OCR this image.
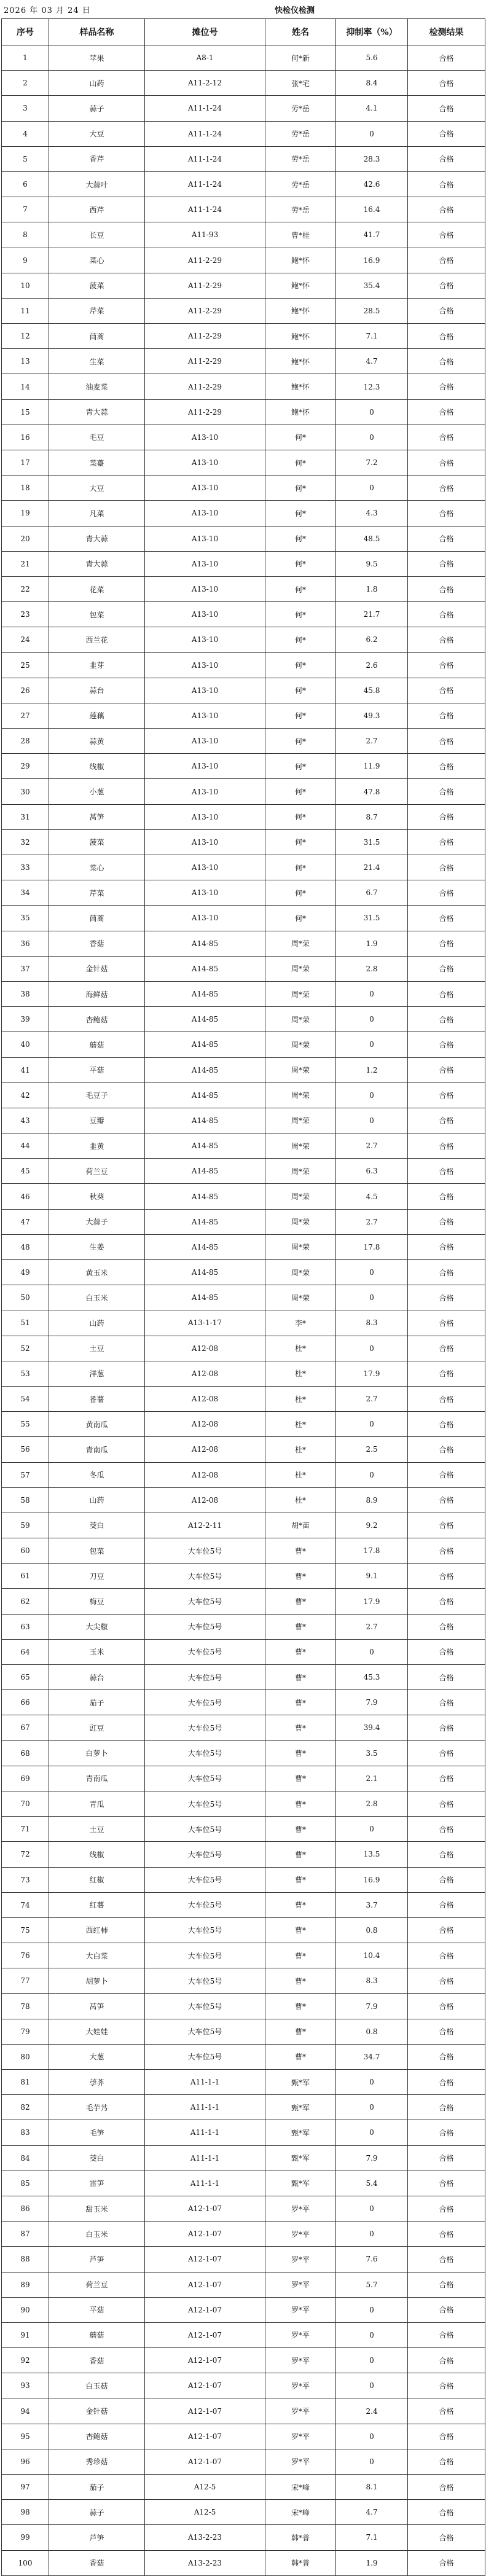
2026 年 03 月 24 日	快检仪检测
序号	样品名称	摊位号	姓名	抑制率（%）	检测结果
1	苹果	A8-1	何*新	5.6	合格
2	山药	A11-2-12	张*宅	8.4	合格
3	蒜子	A11-1-24	劳*岳	4.1	合格
4	大豆	A11-1-24	劳*岳	0	合格
5	香芹	A11-1-24	劳*岳	28.3	合格
6	大蒜叶	A11-1-24	劳*岳	42.6	合格
7	西芹	A11-1-24	劳*岳	16.4	合格
8	长豆	A11-93	曹*桂	41.7	合格
9	菜心	A11-2-29	鲍*怀	16.9	合格
10	菠菜	A11-2-29	鲍*怀	35.4	合格
11	芹菜	A11-2-29	鲍*怀	28.5	合格
12	茼蒿	A11-2-29	鲍*怀	7.1	合格
13	生菜	A11-2-29	鲍*怀	4.7	合格
14	油麦菜	A11-2-29	鲍*怀	12.3	合格
15	青大蒜	A11-2-29	鲍*怀	0	合格
16	毛豆	A13-10	何*	0	合格
17	菜薹	A13-10	何*	7.2	合格
18	大豆	A13-10	何*	0	合格
19	凡菜	A13-10	何*	4.3	合格
20	青大蒜	A13-10	何*	48.5	合格
21	青大蒜	A13-10	何*	9.5	合格
22	花菜	A13-10	何*	1.8	合格
23	包菜	A13-10	何*	21.7	合格
24	西兰花	A13-10	何*	6.2	合格
25	韭芽	A13-10	何*	2.6	合格
26	蒜台	A13-10	何*	45.8	合格
27	莲藕	A13-10	何*	49.3	合格
28	蒜黄	A13-10	何*	2.7	合格
29	线椒	A13-10	何*	11.9	合格
30	小葱	A13-10	何*	47.8	合格
31	莴笋	A13-10	何*	8.7	合格
32	菠菜	A13-10	何*	31.5	合格
33	菜心	A13-10	何*	21.4	合格
34	芹菜	A13-10	何*	6.7	合格
35	茼蒿	A13-10	何*	31.5	合格
36	香菇	A14-85	周*荣	1.9	合格
37	金针菇	A14-85	周*荣	2.8	合格
38	海鲜菇	A14-85	周*荣	0	合格
39	杏鲍菇	A14-85	周*荣	0	合格
40	蘑菇	A14-85	周*荣	0	合格
41	平菇	A14-85	周*荣	1.2	合格
42	毛豆子	A14-85	周*荣	0	合格
43	豆瓣	A14-85	周*荣	0	合格
44	韭黄	A14-85	周*荣	2.7	合格
45	荷兰豆	A14-85	周*荣	6.3	合格
46	秋葵	A14-85	周*荣	4.5	合格
47	大蒜子	A14-85	周*荣	2.7	合格
48	生姜	A14-85	周*荣	17.8	合格
49	黄玉米	A14-85	周*荣	0	合格
50	白玉米	A14-85	周*荣	0	合格
51	山药	A13-1-17	李*	8.3	合格
52	土豆	A12-08	杜*	0	合格
53	洋葱	A12-08	杜*	17.9	合格
54	番薯	A12-08	杜*	2.7	合格
55	黄南瓜	A12-08	杜*	0	合格
56	青南瓜	A12-08	杜*	2.5	合格
57	冬瓜	A12-08	杜*	0	合格
58	山药	A12-08	杜*	8.9	合格
59	茭白	A12-2-11	胡*苗	9.2	合格
60	包菜	大车位5号	曹*	17.8	合格
61	刀豆	大车位5号	曹*	9.1	合格
62	梅豆	大车位5号	曹*	17.9	合格
63	大尖椒	大车位5号	曹*	2.7	合格
64	玉米	大车位5号	曹*	0	合格
65	蒜台	大车位5号	曹*	45.3	合格
66	茄子	大车位5号	曹*	7.9	合格
67	豇豆	大车位5号	曹*	39.4	合格
68	白萝卜	大车位5号	曹*	3.5	合格
69	青南瓜	大车位5号	曹*	2.1	合格
70	青瓜	大车位5号	曹*	2.8	合格
71	土豆	大车位5号	曹*	0	合格
72	线椒	大车位5号	曹*	13.5	合格
73	红椒	大车位5号	曹*	16.9	合格
74	红薯	大车位5号	曹*	3.7	合格
75	西红柿	大车位5号	曹*	0.8	合格
76	大白菜	大车位5号	曹*	10.4	合格
77	胡萝卜	大车位5号	曹*	8.3	合格
78	莴笋	大车位5号	曹*	7.9	合格
79	大娃娃	大车位5号	曹*	0.8	合格
80	大葱	大车位5号	曹*	34.7	合格
81	荸荠	A11-1-1	甄*军	0	合格
82	毛芋艿	A11-1-1	甄*军	0	合格
83	毛笋	A11-1-1	甄*军	0	合格
84	茭白	A11-1-1	甄*军	7.9	合格
85	雷笋	A11-1-1	甄*军	5.4	合格
86	甜玉米	A12-1-07	罗*平	0	合格
87	白玉米	A12-1-07	罗*平	0	合格
88	芦笋	A12-1-07	罗*平	7.6	合格
89	荷兰豆	A12-1-07	罗*平	5.7	合格
90	平菇	A12-1-07	罗*平	0	合格
91	蘑菇	A12-1-07	罗*平	0	合格
92	香菇	A12-1-07	罗*平	0	合格
93	白玉菇	A12-1-07	罗*平	0	合格
94	金针菇	A12-1-07	罗*平	2.4	合格
95	杏鲍菇	A12-1-07	罗*平	0	合格
96	秀珍菇	A12-1-07	罗*平	0	合格
97	茄子	A12-5	宋*峰	8.1	合格
98	蒜子	A12-5	宋*峰	4.7	合格
99	芦笋	A13-2-23	韩*普	7.1	合格
100	香菇	A13-2-23	韩*普	1.9	合格
